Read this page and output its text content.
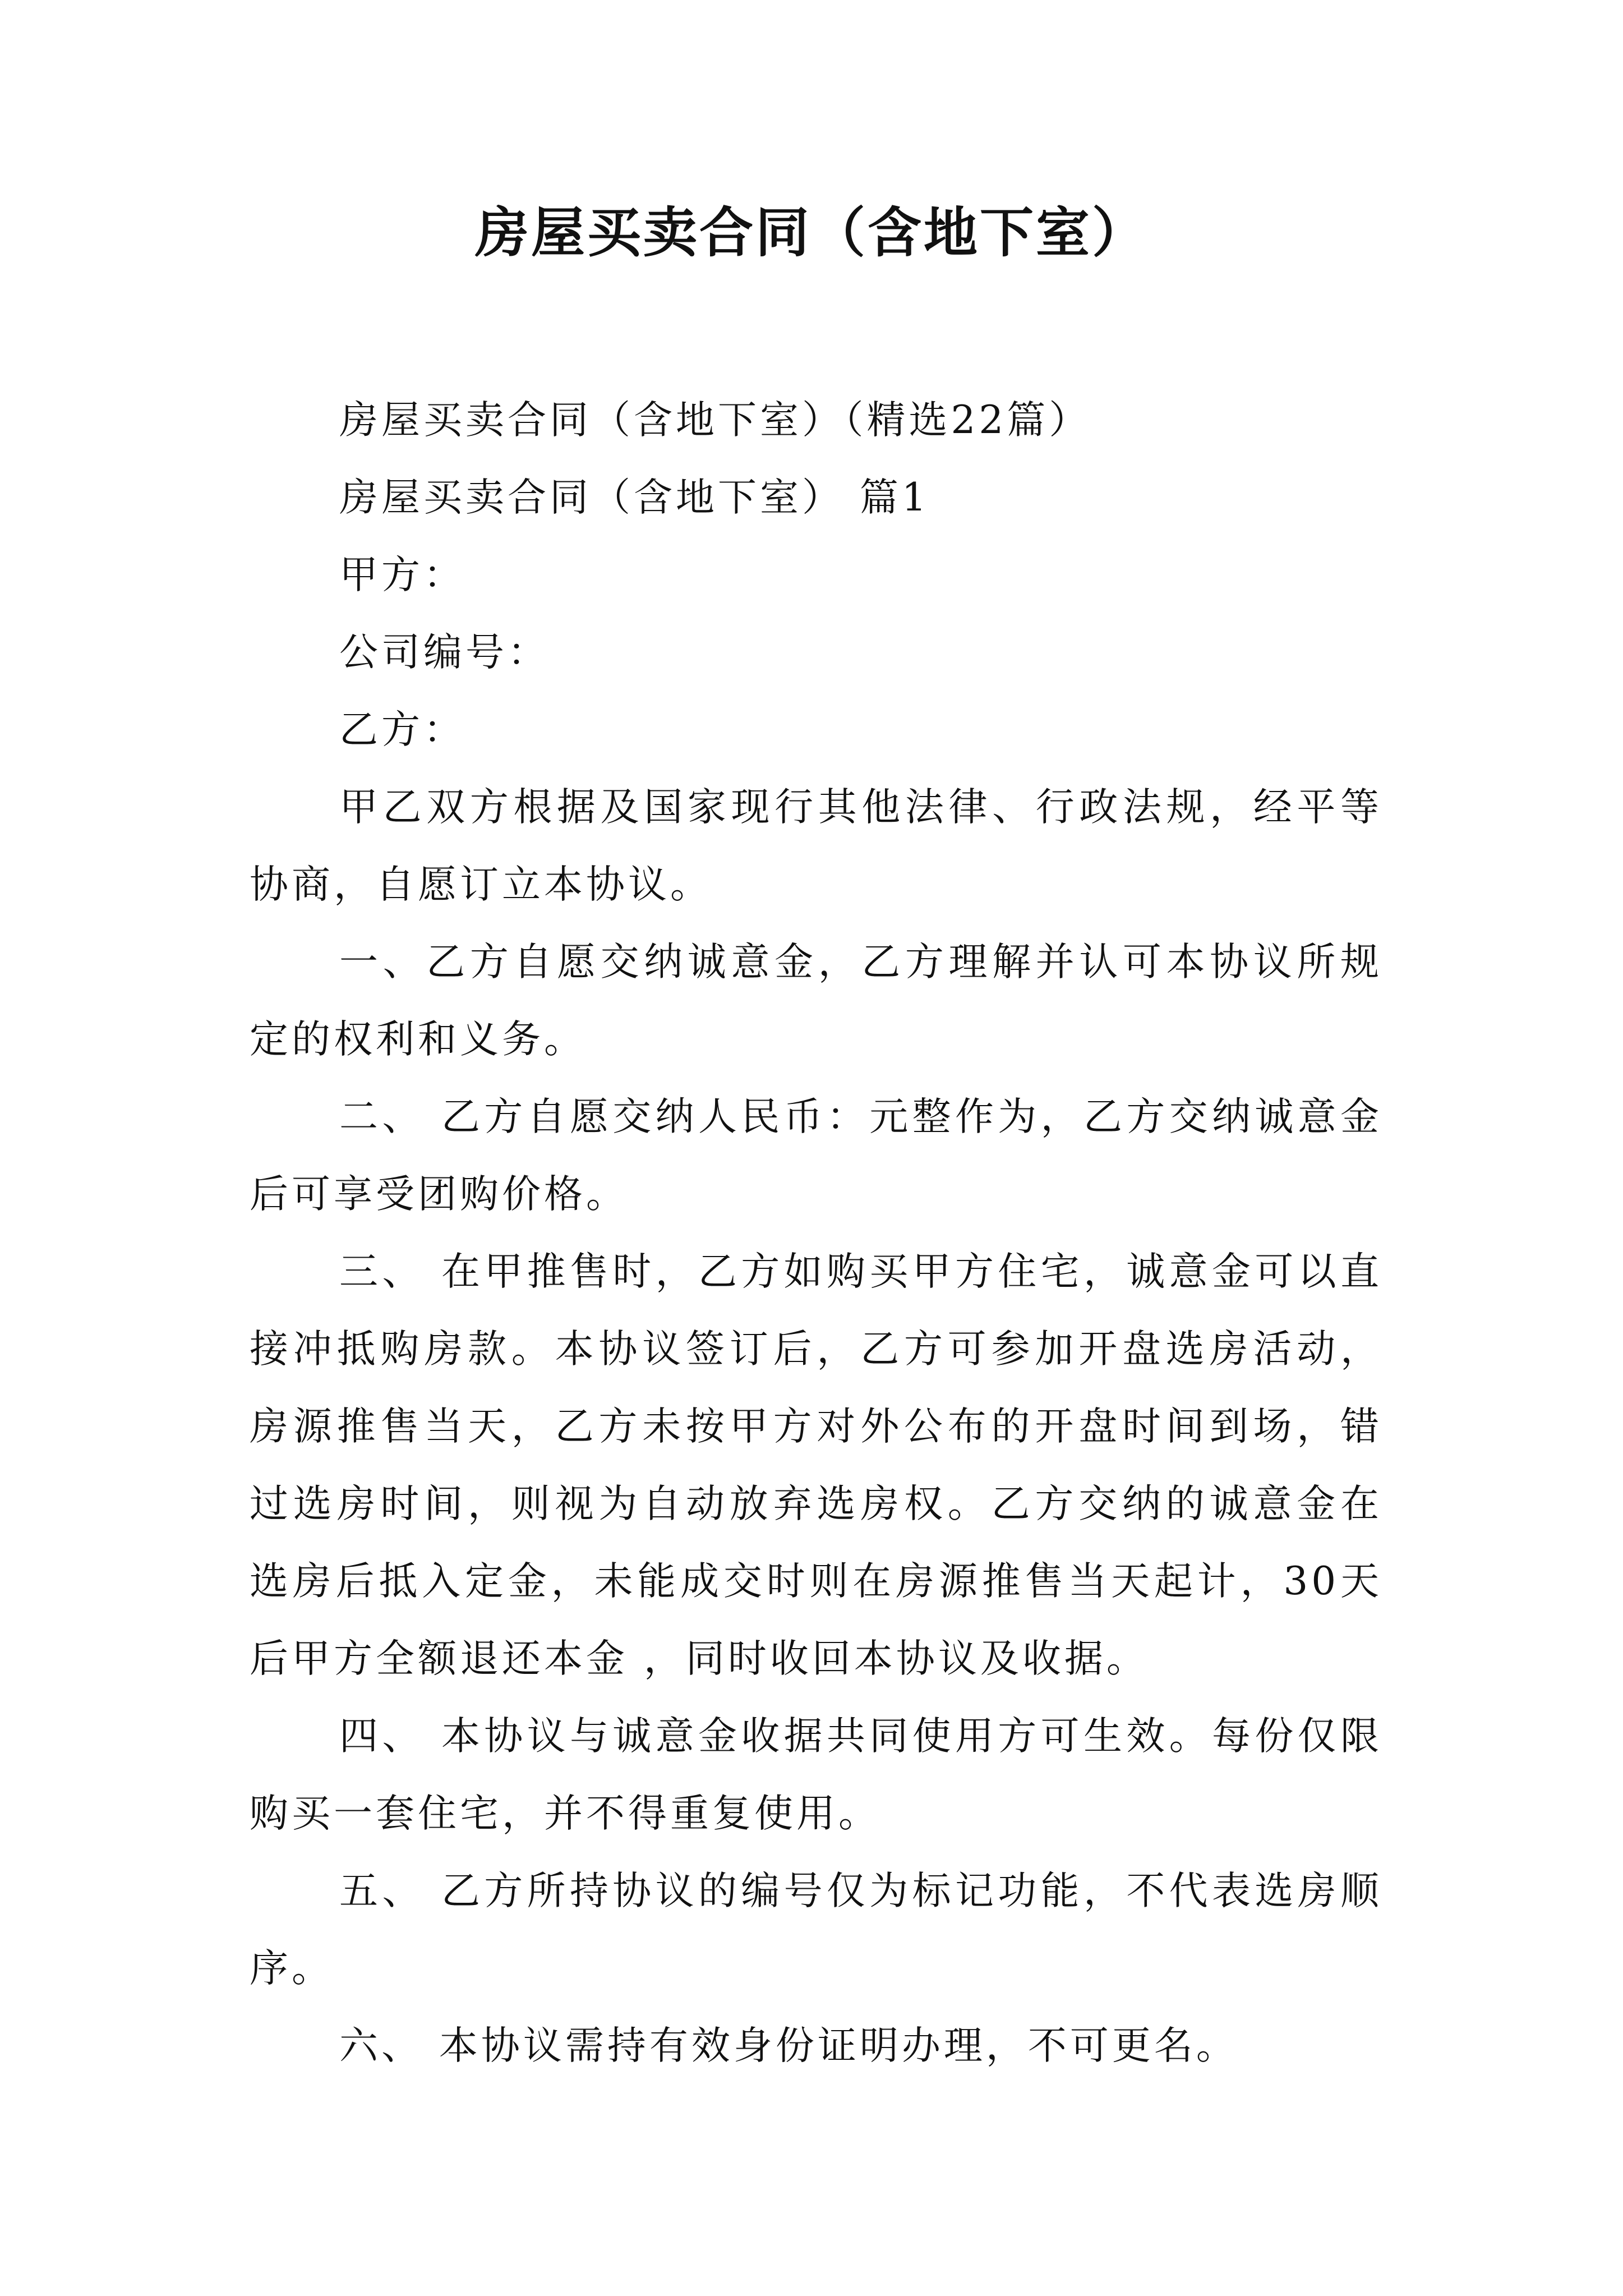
房屋买卖合同（含地下室）

房屋买卖合同（含地下室）（精选22篇）

房屋买卖合同（含地下室） 篇1

甲方：

公司编号：

乙方：

甲乙双方根据及国家现行其他法律、行政法规，经平等协商，自愿订立本协议。

一、乙方自愿交纳诚意金，乙方理解并认可本协议所规定的权利和义务。

二、 乙方自愿交纳人民币：元整作为，乙方交纳诚意金后可享受团购价格。

三、 在甲推售时，乙方如购买甲方住宅，诚意金可以直接冲抵购房款。本协议签订后，乙方可参加开盘选房活动，房源推售当天，乙方未按甲方对外公布的开盘时间到场，错过选房时间，则视为自动放弃选房权。乙方交纳的诚意金在选房后抵入定金，未能成交时则在房源推售当天起计，30天后甲方全额退还本金 ，同时收回本协议及收据。

四、 本协议与诚意金收据共同使用方可生效。每份仅限购买一套住宅，并不得重复使用。

五、 乙方所持协议的编号仅为标记功能，不代表选房顺序。

六、 本协议需持有效身份证明办理，不可更名。
